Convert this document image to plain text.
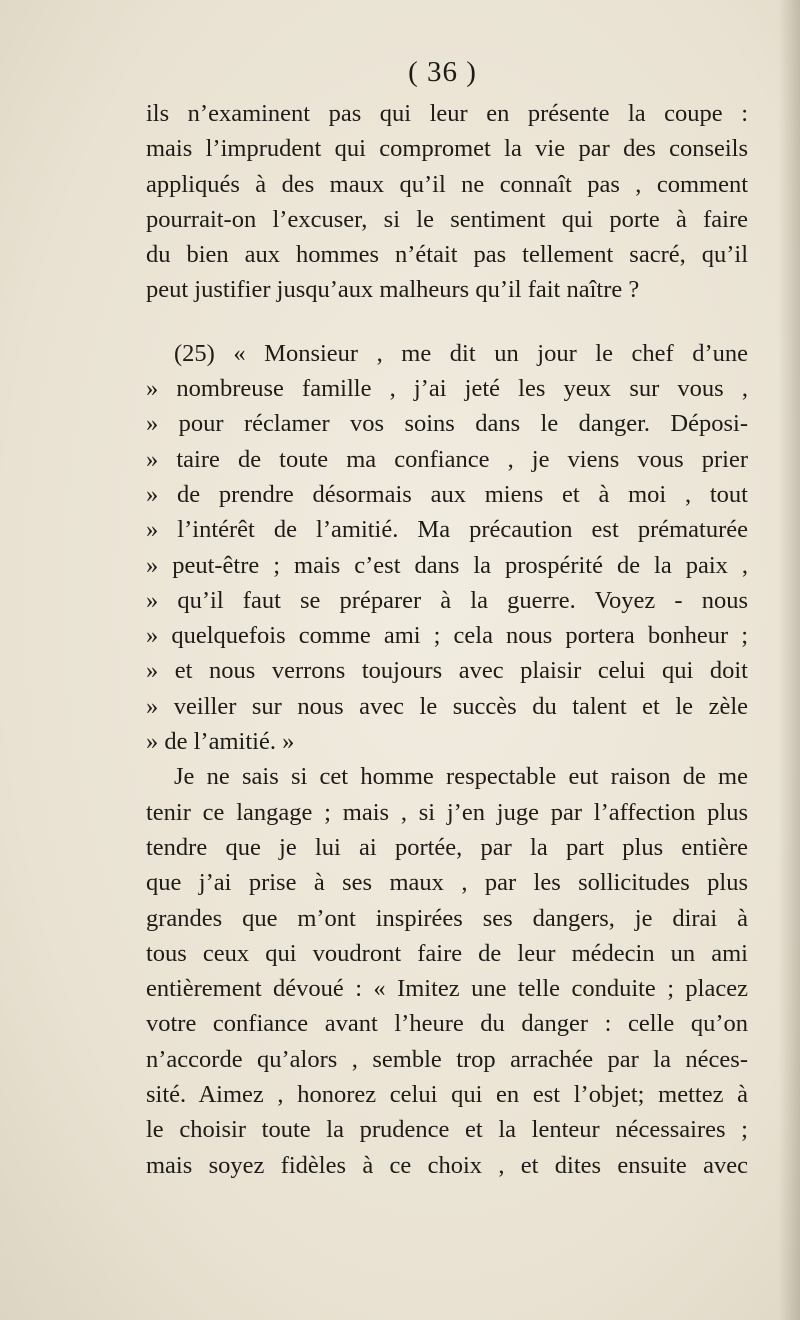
( 36 )
ils n’examinent pas qui leur en présente la coupe :
mais l’imprudent qui compromet la vie par des conseils
appliqués à des maux qu’il ne connaît pas , comment
pourrait-on l’excuser, si le sentiment qui porte à faire
du bien aux hommes n’était pas tellement sacré, qu’il
peut justifier jusqu’aux malheurs qu’il fait naître ?
(25) « Monsieur , me dit un jour le chef d’une
» nombreuse famille , j’ai jeté les yeux sur vous ,
» pour réclamer vos soins dans le danger. Déposi-
» taire de toute ma confiance , je viens vous prier
» de prendre désormais aux miens et à moi , tout
» l’intérêt de l’amitié. Ma précaution est prématurée
» peut-être ; mais c’est dans la prospérité de la paix ,
» qu’il faut se préparer à la guerre. Voyez - nous
» quelquefois comme ami ; cela nous portera bonheur ;
» et nous verrons toujours avec plaisir celui qui doit
» veiller sur nous avec le succès du talent et le zèle
» de l’amitié. »
Je ne sais si cet homme respectable eut raison de me
tenir ce langage ; mais , si j’en juge par l’affection plus
tendre que je lui ai portée, par la part plus entière
que j’ai prise à ses maux , par les sollicitudes plus
grandes que m’ont inspirées ses dangers, je dirai à
tous ceux qui voudront faire de leur médecin un ami
entièrement dévoué : « Imitez une telle conduite ; placez
votre confiance avant l’heure du danger : celle qu’on
n’accorde qu’alors , semble trop arrachée par la néces-
sité. Aimez , honorez celui qui en est l’objet; mettez à
le choisir toute la prudence et la lenteur nécessaires ;
mais soyez fidèles à ce choix , et dites ensuite avec
